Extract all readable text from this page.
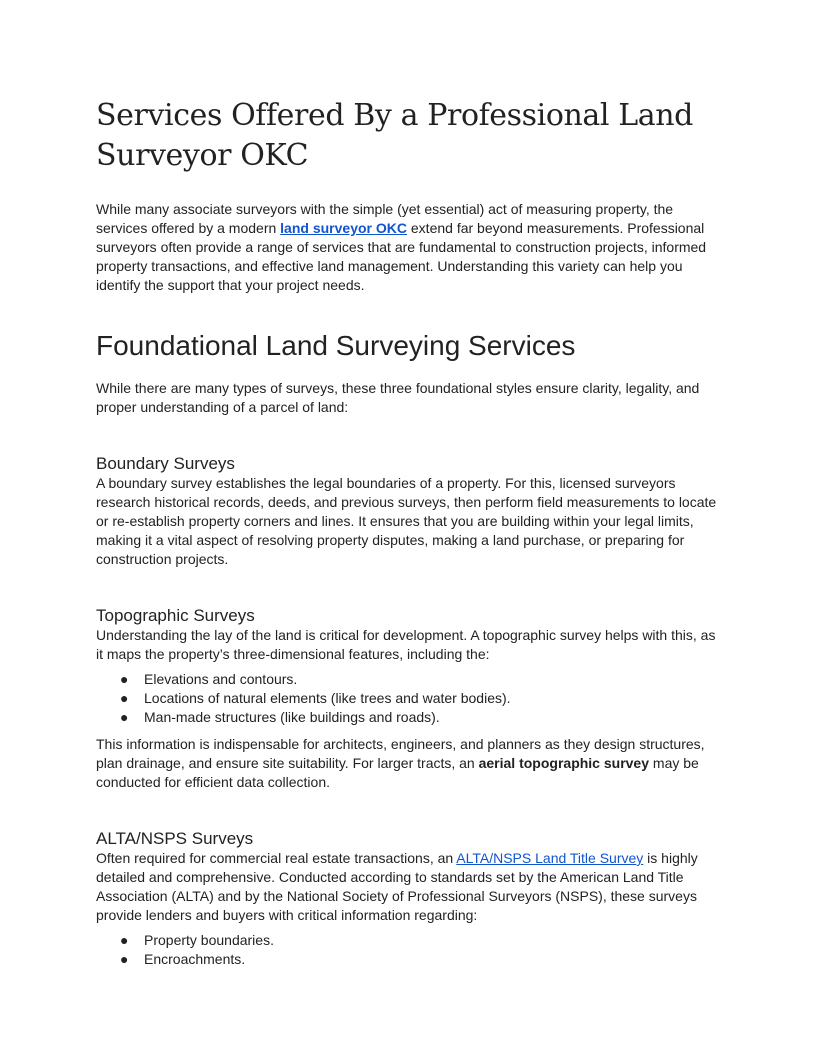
Services Offered By a Professional Land Surveyor OKC

While many associate surveyors with the simple (yet essential) act of measuring property, the services offered by a modern land surveyor OKC extend far beyond measurements. Professional surveyors often provide a range of services that are fundamental to construction projects, informed property transactions, and effective land management. Understanding this variety can help you identify the support that your project needs.

Foundational Land Surveying Services

While there are many types of surveys, these three foundational styles ensure clarity, legality, and proper understanding of a parcel of land:

Boundary Surveys

A boundary survey establishes the legal boundaries of a property. For this, licensed surveyors research historical records, deeds, and previous surveys, then perform field measurements to locate or re-establish property corners and lines. It ensures that you are building within your legal limits, making it a vital aspect of resolving property disputes, making a land purchase, or preparing for construction projects.

Topographic Surveys

Understanding the lay of the land is critical for development. A topographic survey helps with this, as it maps the property’s three-dimensional features, including the:

● Elevations and contours.
● Locations of natural elements (like trees and water bodies).
● Man-made structures (like buildings and roads).

This information is indispensable for architects, engineers, and planners as they design structures, plan drainage, and ensure site suitability. For larger tracts, an aerial topographic survey may be conducted for efficient data collection.

ALTA/NSPS Surveys

Often required for commercial real estate transactions, an ALTA/NSPS Land Title Survey is highly detailed and comprehensive. Conducted according to standards set by the American Land Title Association (ALTA) and by the National Society of Professional Surveyors (NSPS), these surveys provide lenders and buyers with critical information regarding:

● Property boundaries.
● Encroachments.
